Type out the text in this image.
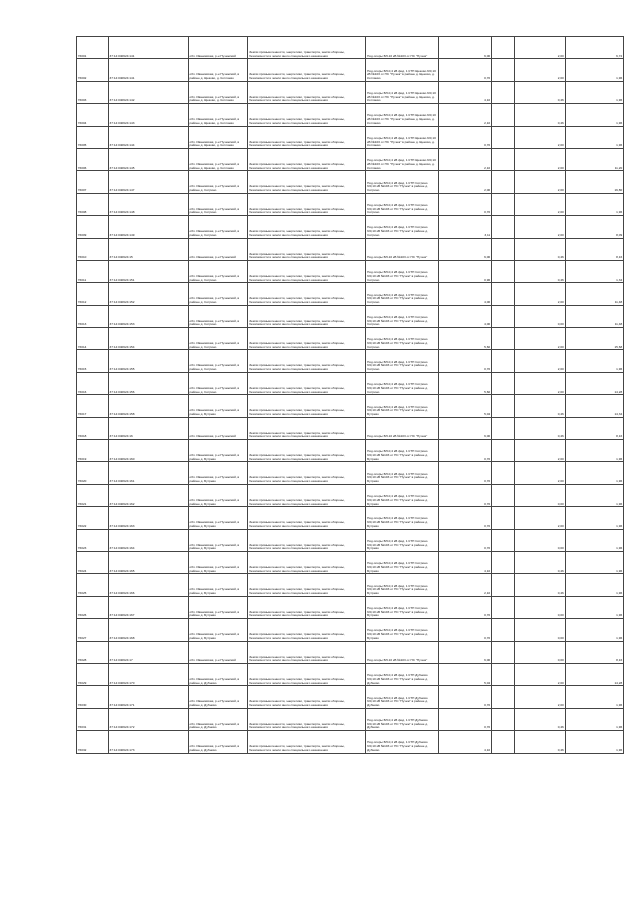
76001	37:14:040624:141	обл. Ивановская, р-н Пучежский	Земли промышленности, энергетики, транспорта, земли обороны, безопасности и земли иного специального назначения	Под опоры ВЛ-10 кВ №103 от ПС "Пучеж"	6,00		2,00	6,72
76002	37:14:040624:141	обл. Ивановская, р-н Пучежский, в районе д. Щеково, д. Котляево	Земли промышленности, энергетики, транспорта, земли обороны, безопасности и земли иного специального назначения	Под опоры ВЛ-0,4 кВ фид. 1 КТП Щеково 6/0,10 кВ №103 от ПС "Пучеж" в районе д. Щеково, д. Котляево	0,70		2,00	1,96
76003	37:14:040624:142	обл. Ивановская, р-н Пучежский, в районе д. Щеково, д. Котляево	Земли промышленности, энергетики, транспорта, земли обороны, безопасности и земли иного специального назначения	Под опоры ВЛ-0,4 кВ фид. 1 КТП Щеково 6/0,10 кВ №103 от ПС "Пучеж" в районе д. Щеково, д. Котляево	4,10		0,46	1,96
76004	37:14:040624:143	обл. Ивановская, р-н Пучежский, в районе д. Щеково, д. Котляево	Земли промышленности, энергетики, транспорта, земли обороны, безопасности и земли иного специального назначения	Под опоры ВЛ-0,4 кВ фид. 1 КТП Щеково 6/0,10 кВ №103 от ПС "Пучеж" в районе д. Щеково, д. Котляево	2,10		0,46	1,96
76005	37:14:040624:144	обл. Ивановская, р-н Пучежский, в районе д. Щеково, д. Котляево	Земли промышленности, энергетики, транспорта, земли обороны, безопасности и земли иного специального назначения	Под опоры ВЛ-0,4 кВ фид. 1 КТП Щеково 6/0,10 кВ №103 от ПС "Пучеж" в районе д. Щеково, д. Котляево	0,70		2,00	1,96
76006	37:14:040624:145	обл. Ивановская, р-н Пучежский, в районе д. Щеково, д. Котляево	Земли промышленности, энергетики, транспорта, земли обороны, безопасности и земли иного специального назначения	Под опоры ВЛ-0,4 кВ фид. 1 КТП Щеково 6/0,10 кВ №103 от ПС "Пучеж" в районе д. Щеково, д. Котляево	2,10		2,00	11,20
76007	37:14:040624:147	обл. Ивановская, р-н Пучежский, в районе д. Сотрино	Земли промышленности, энергетики, транспорта, земли обороны, безопасности и земли иного специального назначения	Под опоры ВЛ-0,4 кВ фид. 1 КТП Сотрино 6/0,10 кВ №103 от ПС "Пучеж" в районе д. Сотрино	2,00		2,00	16,80
76008	37:14:040624:148	обл. Ивановская, р-н Пучежский, в районе д. Сотрино	Земли промышленности, энергетики, транспорта, земли обороны, безопасности и земли иного специального назначения	Под опоры ВЛ-0,4 кВ фид. 1 КТП Сотрино 6/0,10 кВ №103 от ПС "Пучеж" в районе д. Сотрино	0,70		2,00	1,96
76009	37:14:040624:149	обл. Ивановская, р-н Пучежский, в районе д. Сотрино	Земли промышленности, энергетики, транспорта, земли обороны, безопасности и земли иного специального назначения	Под опоры ВЛ-0,4 кВ фид. 1 КТП Сотрино 6/0,10 кВ №103 от ПС "Пучеж" в районе д. Сотрино	3,11		2,00	8,09
76010	37:14:040624:15	обл. Ивановская, р-н Пучежский	Земли промышленности, энергетики, транспорта, земли обороны, безопасности и земли иного специального назначения	Под опоры ВЛ-10 кВ №103 от ПС "Пучеж"	6,00		0,46	8,16
76011	37:14:040624:151	обл. Ивановская, р-н Пучежский, в районе д. Сотрино	Земли промышленности, энергетики, транспорта, земли обороны, безопасности и земли иного специального назначения	Под опоры ВЛ-0,4 кВ фид. 1 КТП Сотрино 6/0,10 кВ №103 от ПС "Пучеж" в районе д. Сотрино	0,96		0,46	1,34
76012	37:14:040624:152	обл. Ивановская, р-н Пучежский, в районе д. Сотрино	Земли промышленности, энергетики, транспорта, земли обороны, безопасности и земли иного специального назначения	Под опоры ВЛ-0,4 кВ фид. 1 КТП Сотрино 6/0,10 кВ №103 от ПС "Пучеж" в районе д. Сотрино	4,00		2,00	11,48
76013	37:14:040624:153	обл. Ивановская, р-н Пучежский, в районе д. Сотрино	Земли промышленности, энергетики, транспорта, земли обороны, безопасности и земли иного специального назначения	Под опоры ВЛ-0,4 кВ фид. 1 КТП Сотрино 6/0,10 кВ №103 от ПС "Пучеж" в районе д. Сотрино	4,00		0,00	11,48
76014	37:14:040624:154	обл. Ивановская, р-н Пучежский, в районе д. Сотрино	Земли промышленности, энергетики, транспорта, земли обороны, безопасности и земли иного специального назначения	Под опоры ВЛ-0,4 кВ фид. 1 КТП Сотрино 6/0,10 кВ №103 от ПС "Пучеж" в районе д. Сотрино	5,60		2,00	15,68
76015	37:14:040624:155	обл. Ивановская, р-н Пучежский, в районе д. Сотрино	Земли промышленности, энергетики, транспорта, земли обороны, безопасности и земли иного специального назначения	Под опоры ВЛ-0,4 кВ фид. 1 КТП Сотрино 6/0,10 кВ №103 от ПС "Пучеж" в районе д. Сотрино	0,70		2,00	1,96
76016	37:14:040624:156	обл. Ивановская, р-н Пучежский, в районе д. Сотрино	Земли промышленности, энергетики, транспорта, земли обороны, безопасности и земли иного специального назначения	Под опоры ВЛ-0,4 кВ фид. 1 КТП Сотрино 6/0,10 кВ №103 от ПС "Пучеж" в районе д. Сотрино	5,60		2,00	14,28
76017	37:14:040624:158	обл. Ивановская, р-н Пучежский, в районе д. Бутрево	Земли промышленности, энергетики, транспорта, земли обороны, безопасности и земли иного специального назначения	Под опоры ВЛ-0,4 кВ фид. 1 КТП Сотрино 6/0,10 кВ №103 от ПС "Пучеж" в районе д. Бутрево	5,04		0,46	14,34
76018	37:14:040624:16	обл. Ивановская, р-н Пучежский	Земли промышленности, энергетики, транспорта, земли обороны, безопасности и земли иного специального назначения	Под опоры ВЛ-10 кВ №103 от ПС "Пучеж"	6,00		0,46	8,16
76019	37:14:040624:160	обл. Ивановская, р-н Пучежский, в районе д. Бутрево	Земли промышленности, энергетики, транспорта, земли обороны, безопасности и земли иного специального назначения	Под опоры ВЛ-0,4 кВ фид. 1 КТП Сотрино 6/0,10 кВ №103 от ПС "Пучеж" в районе д. Бутрево	0,70		2,00	1,96
76020	37:14:040624:161	обл. Ивановская, р-н Пучежский, в районе д. Бутрево	Земли промышленности, энергетики, транспорта, земли обороны, безопасности и земли иного специального назначения	Под опоры ВЛ-0,4 кВ фид. 1 КТП Сотрино 6/0,10 кВ №103 от ПС "Пучеж" в районе д. Бутрево	0,70		2,00	1,96
76021	37:14:040624:162	обл. Ивановская, р-н Пучежский, в районе д. Бутрево	Земли промышленности, энергетики, транспорта, земли обороны, безопасности и земли иного специального назначения	Под опоры ВЛ-0,4 кВ фид. 1 КТП Сотрино 6/0,10 кВ №103 от ПС "Пучеж" в районе д. Бутрево	0,70		0,00	1,96
76022	37:14:040624:163	обл. Ивановская, р-н Пучежский, в районе д. Бутрево	Земли промышленности, энергетики, транспорта, земли обороны, безопасности и земли иного специального назначения	Под опоры ВЛ-0,4 кВ фид. 1 КТП Сотрино 6/0,10 кВ №103 от ПС "Пучеж" в районе д. Бутрево	0,70		2,00	1,96
76023	37:14:040624:164	обл. Ивановская, р-н Пучежский, в районе д. Бутрево	Земли промышленности, энергетики, транспорта, земли обороны, безопасности и земли иного специального назначения	Под опоры ВЛ-0,4 кВ фид. 1 КТП Сотрино 6/0,10 кВ №103 от ПС "Пучеж" в районе д. Бутрево	0,70		0,00	1,96
76024	37:14:040624:165	обл. Ивановская, р-н Пучежский, в районе д. Бутрево	Земли промышленности, энергетики, транспорта, земли обороны, безопасности и земли иного специального назначения	Под опоры ВЛ-0,4 кВ фид. 1 КТП Сотрино 6/0,10 кВ №103 от ПС "Пучеж" в районе д. Бутрево	4,10		0,46	1,96
76025	37:14:040624:166	обл. Ивановская, р-н Пучежский, в районе д. Бутрево	Земли промышленности, энергетики, транспорта, земли обороны, безопасности и земли иного специального назначения	Под опоры ВЛ-0,4 кВ фид. 1 КТП Сотрино 6/0,10 кВ №103 от ПС "Пучеж" в районе д. Бутрево	2,10		0,46	1,96
76026	37:14:040624:167	обл. Ивановская, р-н Пучежский, в районе д. Бутрево	Земли промышленности, энергетики, транспорта, земли обороны, безопасности и земли иного специального назначения	Под опоры ВЛ-0,4 кВ фид. 1 КТП Сотрино 6/0,10 кВ №103 от ПС "Пучеж" в районе д. Бутрево	0,70		0,00	1,96
76027	37:14:040624:168	обл. Ивановская, р-н Пучежский, в районе д. Бутрево	Земли промышленности, энергетики, транспорта, земли обороны, безопасности и земли иного специального назначения	Под опоры ВЛ-0,4 кВ фид. 1 КТП Сотрино 6/0,10 кВ №103 от ПС "Пучеж" в районе д. Бутрево	0,70		0,00	1,96
76028	37:14:040624:17	обл. Ивановская, р-н Пучежский	Земли промышленности, энергетики, транспорта, земли обороны, безопасности и земли иного специального назначения	Под опоры ВЛ-10 кВ №103 от ПС "Пучеж"	6,00		0,00	8,16
76029	37:14:040624:170	обл. Ивановская, р-н Пучежский, в районе д. Дубново	Земли промышленности, энергетики, транспорта, земли обороны, безопасности и земли иного специального назначения	Под опоры ВЛ-0,4 кВ фид. 1 КТП Дубново 6/0,10 кВ №103 от ПС "Пучеж" в районе д. Дубново	5,04		2,00	14,28
76030	37:14:040624:171	обл. Ивановская, р-н Пучежский, в районе д. Дубново	Земли промышленности, энергетики, транспорта, земли обороны, безопасности и земли иного специального назначения	Под опоры ВЛ-0,4 кВ фид. 1 КТП Дубново 6/0,10 кВ №103 от ПС "Пучеж" в районе д. Дубново	0,70		2,00	1,96
76031	37:14:040624:172	обл. Ивановская, р-н Пучежский, в районе д. Дубново	Земли промышленности, энергетики, транспорта, земли обороны, безопасности и земли иного специального назначения	Под опоры ВЛ-0,4 кВ фид. 1 КТП Дубново 6/0,10 кВ №103 от ПС "Пучеж" в районе д. Дубново	0,70		0,46	1,96
76032	37:14:040624:173	обл. Ивановская, р-н Пучежский, в районе д. Дубново	Земли промышленности, энергетики, транспорта, земли обороны, безопасности и земли иного специального назначения	Под опоры ВЛ-0,4 кВ фид. 1 КТП Дубново 6/0,10 кВ №103 от ПС "Пучеж" в районе д. Дубново	4,10		0,46	1,96
